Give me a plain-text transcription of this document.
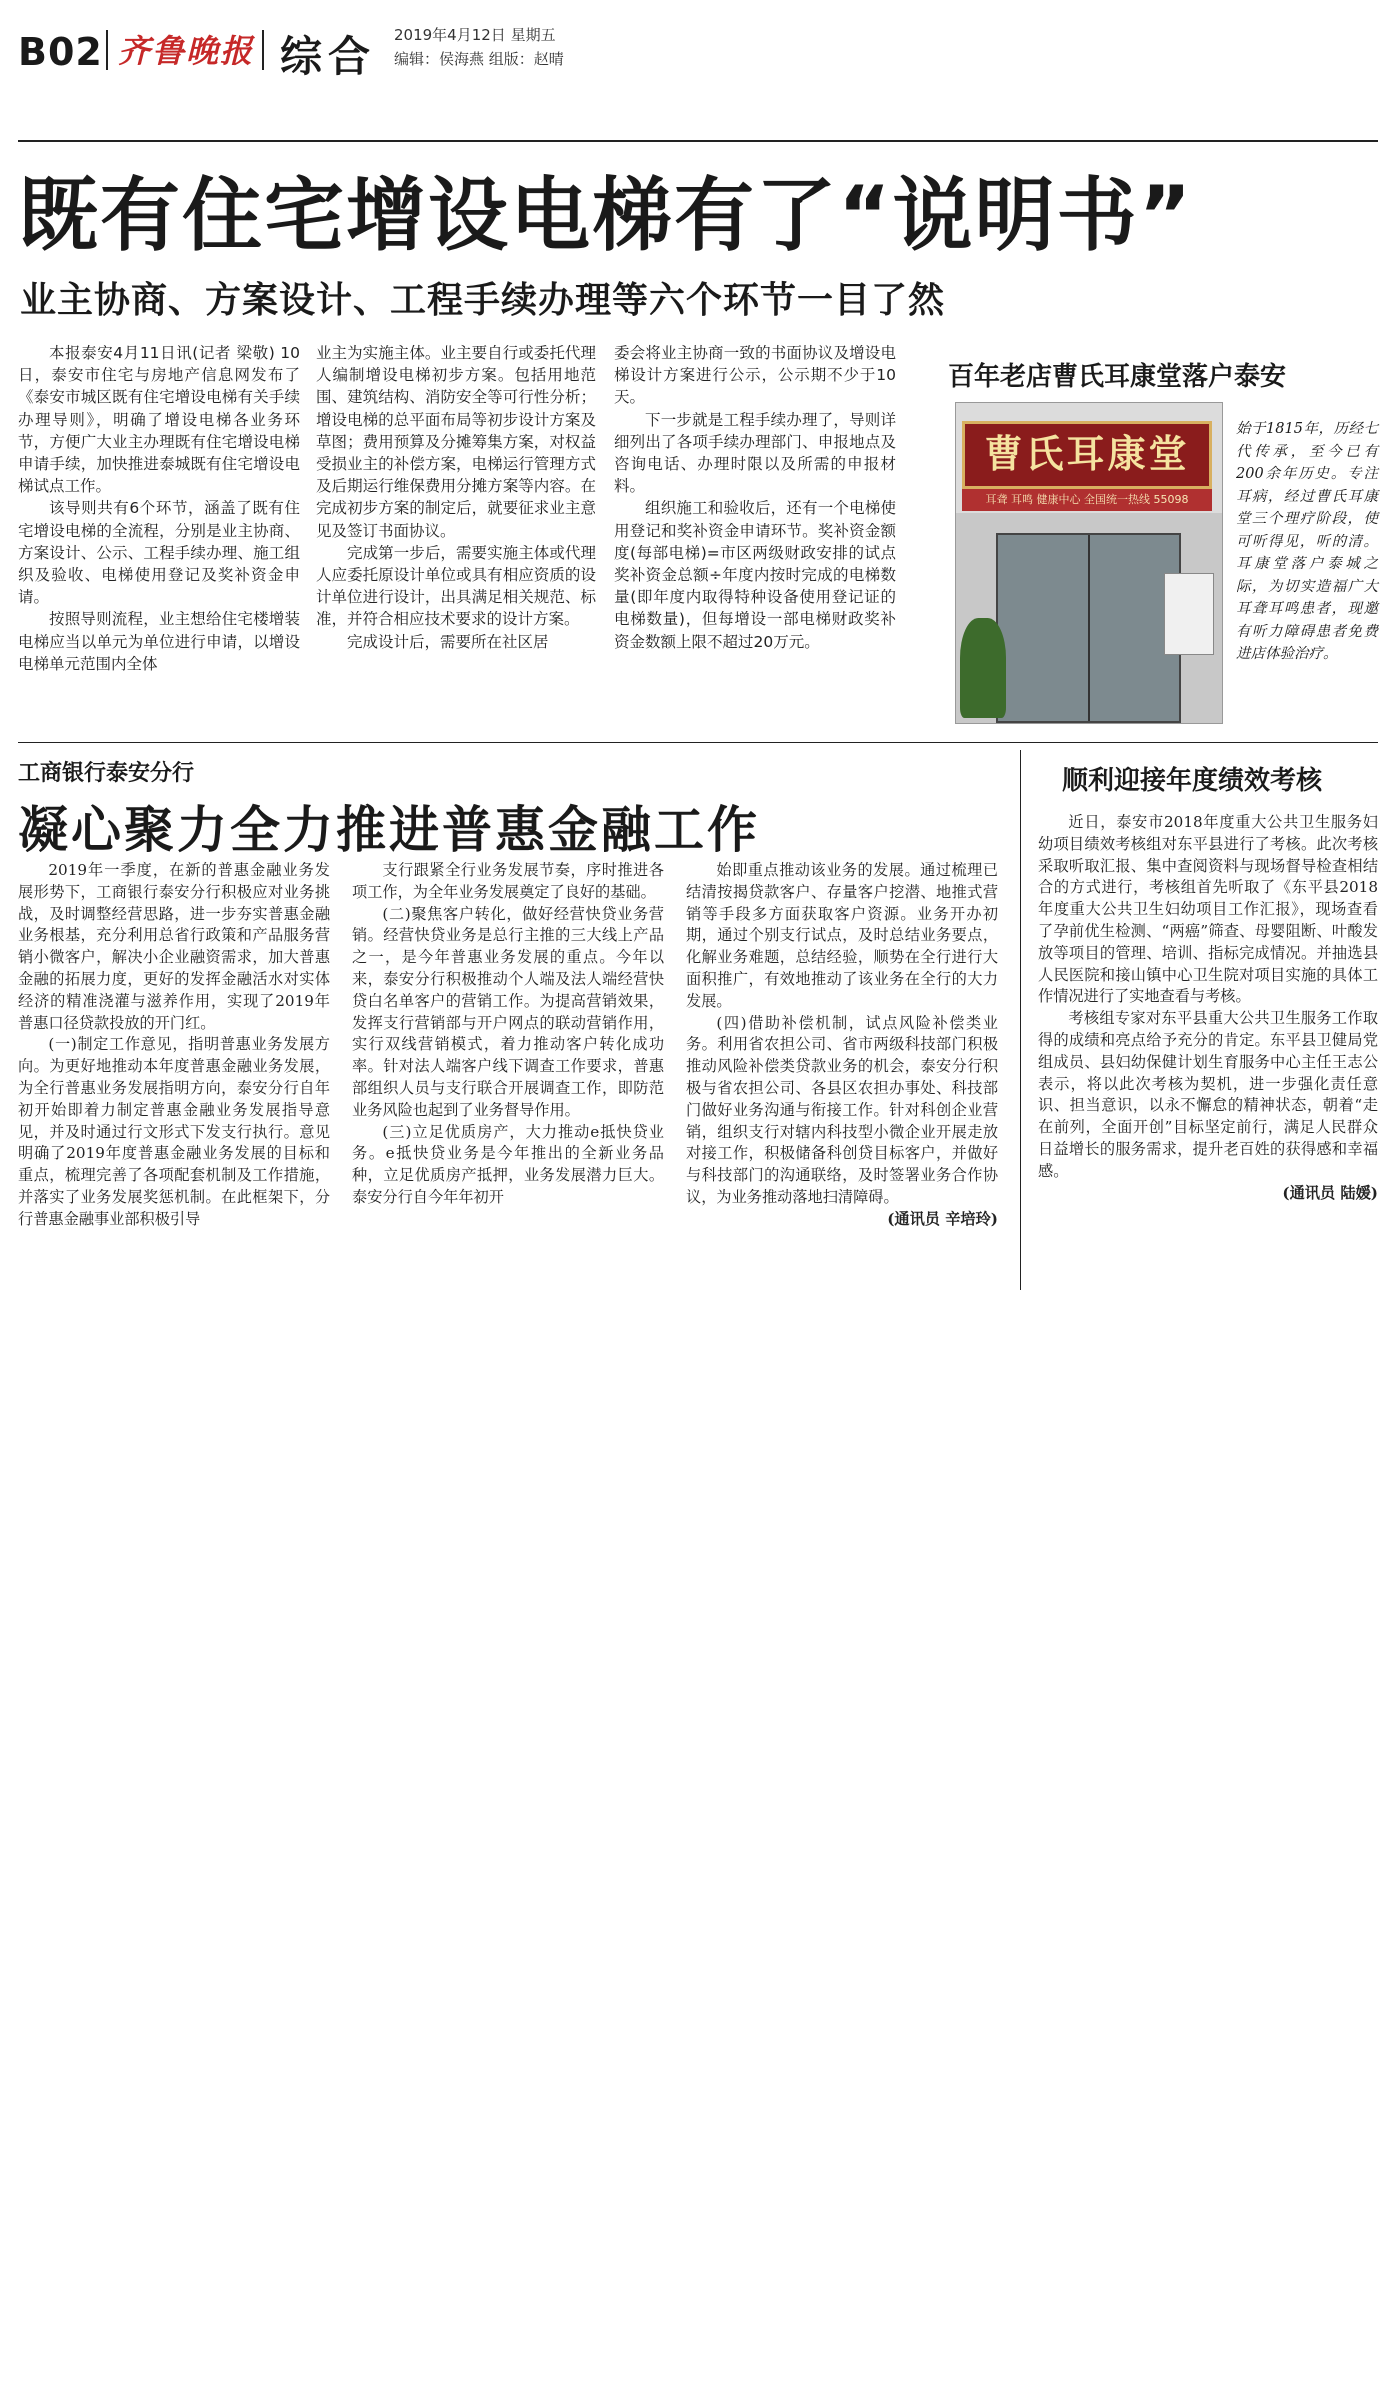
B02 齐鲁晚报 综合 2019年4月12日 星期五
编辑：侯海燕 组版：赵晴
既有住宅增设电梯有了“说明书”
业主协商、方案设计、工程手续办理等六个环节一目了然

本报泰安4月11日讯(记者 梁敬) 10日，泰安市住宅与房地产信息网发布了《泰安市城区既有住宅增设电梯有关手续办理导则》，明确了增设电梯各业务环节，方便广大业主办理既有住宅增设电梯申请手续，加快推进泰城既有住宅增设电梯试点工作。

该导则共有6个环节，涵盖了既有住宅增设电梯的全流程，分别是业主协商、方案设计、公示、工程手续办理、施工组织及验收、电梯使用登记及奖补资金申请。

按照导则流程，业主想给住宅楼增装电梯应当以单元为单位进行申请，以增设电梯单元范围内全体

业主为实施主体。业主要自行或委托代理人编制增设电梯初步方案。包括用地范围、建筑结构、消防安全等可行性分析；增设电梯的总平面布局等初步设计方案及草图；费用预算及分摊筹集方案，对权益受损业主的补偿方案，电梯运行管理方式及后期运行维保费用分摊方案等内容。在完成初步方案的制定后，就要征求业主意见及签订书面协议。

完成第一步后，需要实施主体或代理人应委托原设计单位或具有相应资质的设计单位进行设计，出具满足相关规范、标准，并符合相应技术要求的设计方案。

完成设计后，需要所在社区居

委会将业主协商一致的书面协议及增设电梯设计方案进行公示，公示期不少于10天。

下一步就是工程手续办理了，导则详细列出了各项手续办理部门、申报地点及咨询电话、办理时限以及所需的申报材料。

组织施工和验收后，还有一个电梯使用登记和奖补资金申请环节。奖补资金额度(每部电梯)=市区两级财政安排的试点奖补资金总额÷年度内按时完成的电梯数量(即年度内取得特种设备使用登记证的电梯数量)，但每增设一部电梯财政奖补资金数额上限不超过20万元。

百年老店曹氏耳康堂落户泰安
曹氏耳康堂
耳聋 耳鸣 健康中心 全国统一热线 55098
始于1815年，历经七代传承，至今已有200余年历史。专注耳病，经过曹氏耳康堂三个理疗阶段，使可听得见，听的清。耳康堂落户泰城之际，为切实造福广大耳聋耳鸣患者，现邀有听力障碍患者免费进店体验治疗。
工商银行泰安分行
凝心聚力全力推进普惠金融工作

2019年一季度，在新的普惠金融业务发展形势下，工商银行泰安分行积极应对业务挑战，及时调整经营思路，进一步夯实普惠金融业务根基，充分利用总省行政策和产品服务营销小微客户，解决小企业融资需求，加大普惠金融的拓展力度，更好的发挥金融活水对实体经济的精准浇灌与滋养作用，实现了2019年普惠口径贷款投放的开门红。

(一)制定工作意见，指明普惠业务发展方向。为更好地推动本年度普惠金融业务发展，为全行普惠业务发展指明方向，泰安分行自年初开始即着力制定普惠金融业务发展指导意见，并及时通过行文形式下发支行执行。意见明确了2019年度普惠金融业务发展的目标和重点，梳理完善了各项配套机制及工作措施，并落实了业务发展奖惩机制。在此框架下，分行普惠金融事业部积极引导

支行跟紧全行业务发展节奏，序时推进各项工作，为全年业务发展奠定了良好的基础。

(二)聚焦客户转化，做好经营快贷业务营销。经营快贷业务是总行主推的三大线上产品之一，是今年普惠业务发展的重点。今年以来，泰安分行积极推动个人端及法人端经营快贷白名单客户的营销工作。为提高营销效果，发挥支行营销部与开户网点的联动营销作用，实行双线营销模式，着力推动客户转化成功率。针对法人端客户线下调查工作要求，普惠部组织人员与支行联合开展调查工作，即防范业务风险也起到了业务督导作用。

(三)立足优质房产，大力推动e抵快贷业务。e抵快贷业务是今年推出的全新业务品种，立足优质房产抵押，业务发展潜力巨大。泰安分行自今年年初开

始即重点推动该业务的发展。通过梳理已结清按揭贷款客户、存量客户挖潜、地推式营销等手段多方面获取客户资源。业务开办初期，通过个别支行试点，及时总结业务要点，化解业务难题，总结经验，顺势在全行进行大面积推广，有效地推动了该业务在全行的大力发展。

(四)借助补偿机制，试点风险补偿类业务。利用省农担公司、省市两级科技部门积极推动风险补偿类贷款业务的机会，泰安分行积极与省农担公司、各县区农担办事处、科技部门做好业务沟通与衔接工作。针对科创企业营销，组织支行对辖内科技型小微企业开展走放对接工作，积极储备科创贷目标客户，并做好与科技部门的沟通联络，及时签署业务合作协议，为业务推动落地扫清障碍。

(通讯员 辛培玲)

顺利迎接年度绩效考核

近日，泰安市2018年度重大公共卫生服务妇幼项目绩效考核组对东平县进行了考核。此次考核采取听取汇报、集中查阅资料与现场督导检查相结合的方式进行，考核组首先听取了《东平县2018年度重大公共卫生妇幼项目工作汇报》，现场查看了孕前优生检测、“两癌”筛查、母婴阻断、叶酸发放等项目的管理、培训、指标完成情况。并抽选县人民医院和接山镇中心卫生院对项目实施的具体工作情况进行了实地查看与考核。

考核组专家对东平县重大公共卫生服务工作取得的成绩和亮点给予充分的肯定。东平县卫健局党组成员、县妇幼保健计划生育服务中心主任王志公表示，将以此次考核为契机，进一步强化责任意识、担当意识，以永不懈怠的精神状态，朝着“走在前列，全面开创”目标坚定前行，满足人民群众日益增长的服务需求，提升老百姓的获得感和幸福感。

(通讯员 陆媛)
